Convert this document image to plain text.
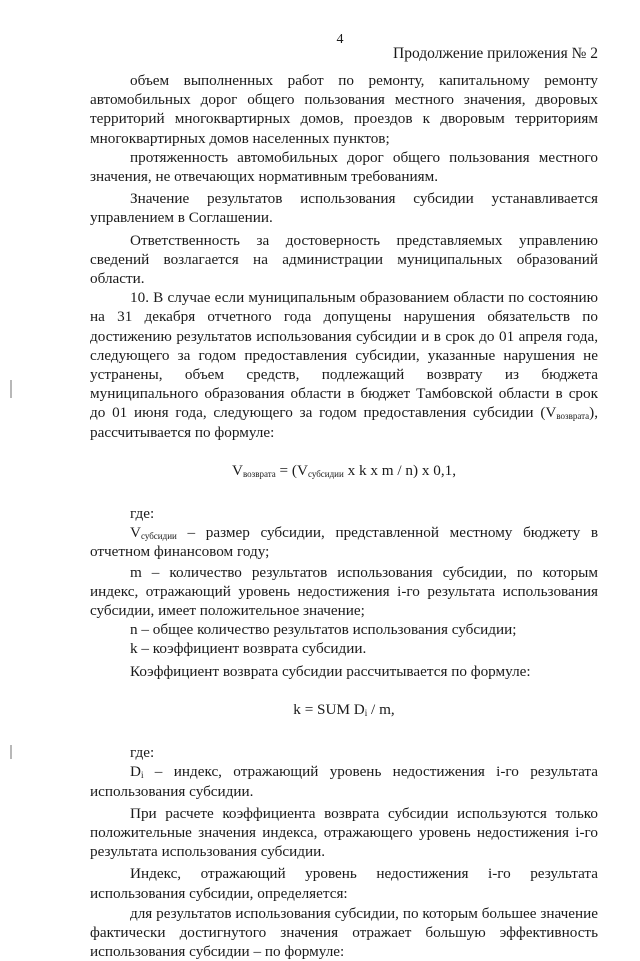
4
Продолжение приложения № 2

объем выполненных работ по ремонту, капитальному ремонту автомобильных дорог общего пользования местного значения, дворовых территорий многоквартирных домов, проездов к дворовым территориям многоквартирных домов населенных пунктов;

протяженность автомобильных дорог общего пользования местного значения, не отвечающих нормативным требованиям.

Значение результатов использования субсидии устанавливается управлением в Соглашении.

Ответственность за достоверность представляемых управлению сведений возлагается на администрации муниципальных образований области.

10. В случае если муниципальным образованием области по состоянию на 31 декабря отчетного года допущены нарушения обязательств по достижению результатов использования субсидии и в срок до 01 апреля года, следующего за годом предоставления субсидии, указанные нарушения не устранены, объем средств, подлежащий возврату из бюджета муниципального образования области в бюджет Тамбовской области в срок до 01 июня года, следующего за годом предоставления субсидии $(V_{возврата})$, рассчитывается по формуле:

$V_{возврата} = (V_{субсидии}$ x k x m / n) x 0,1,

где:

$V_{субсидии}$ – размер субсидии, представленной местному бюджету в отчетном финансовом году;

m – количество результатов использования субсидии, по которым индекс, отражающий уровень недостижения i-го результата использования субсидии, имеет положительное значение;

n – общее количество результатов использования субсидии;

k – коэффициент возврата субсидии.

Коэффициент возврата субсидии рассчитывается по формуле:

k = SUM $D_i$ / m,

где:

$D_i$ – индекс, отражающий уровень недостижения i-го результата использования субсидии.

При расчете коэффициента возврата субсидии используются только положительные значения индекса, отражающего уровень недостижения i-го результата использования субсидии.

Индекс, отражающий уровень недостижения i-го результата использования субсидии, определяется:

для результатов использования субсидии, по которым большее значение фактически достигнутого значения отражает большую эффективность использования субсидии – по формуле:
